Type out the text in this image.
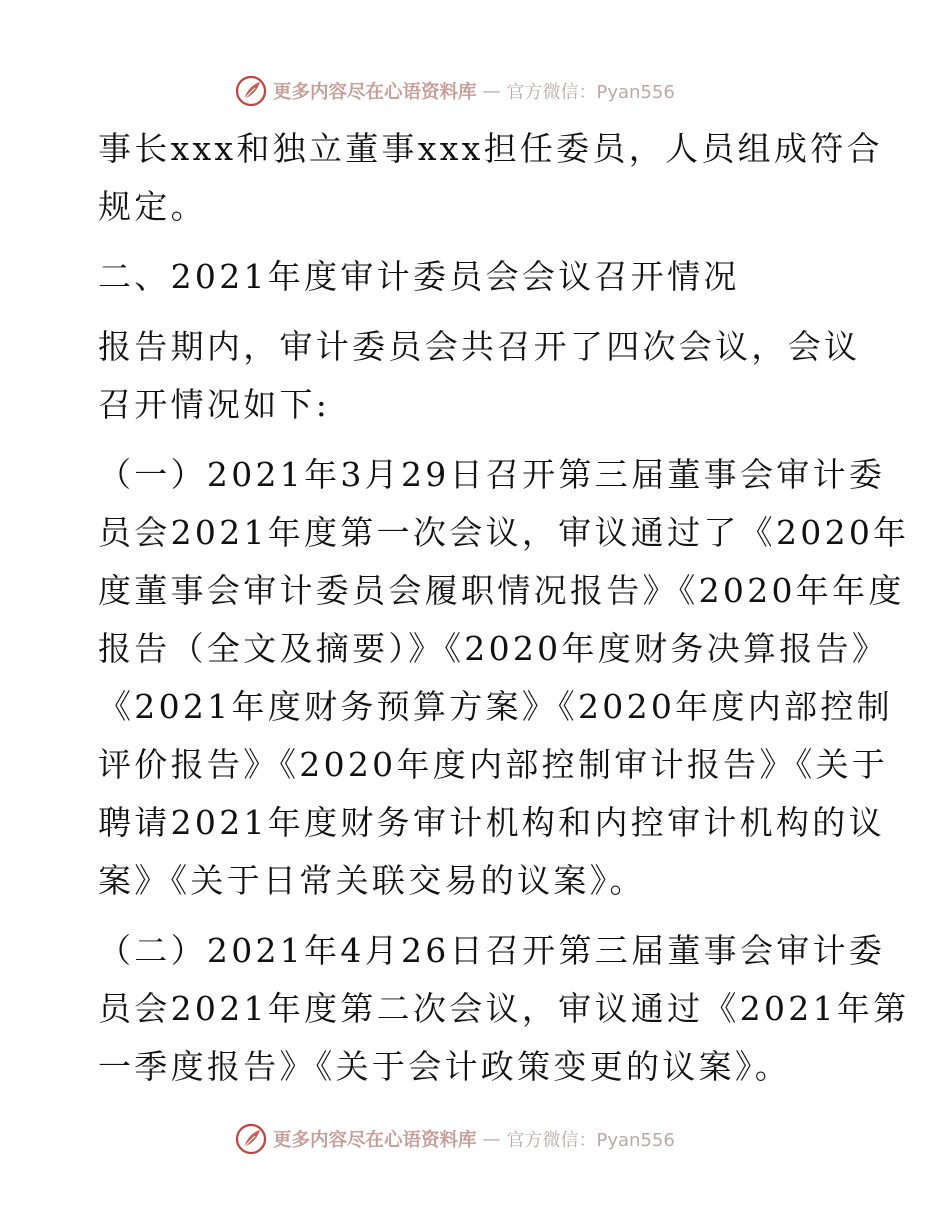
更多内容尽在心语资料库 — 官方微信：Pyan556

事长xxx和独立董事xxx担任委员，人员组成符合
规定。

二、2021年度审计委员会会议召开情况

报告期内，审计委员会共召开了四次会议，会议
召开情况如下:

（一）2021年3月29日召开第三届董事会审计委
员会2021年度第一次会议，审议通过了《2020年
度董事会审计委员会履职情况报告》《2020年年度
报告（全文及摘要）》《2020年度财务决算报告》
《2021年度财务预算方案》《2020年度内部控制
评价报告》《2020年度内部控制审计报告》《关于
聘请2021年度财务审计机构和内控审计机构的议
案》《关于日常关联交易的议案》。

（二）2021年4月26日召开第三届董事会审计委
员会2021年度第二次会议，审议通过《2021年第
一季度报告》《关于会计政策变更的议案》。

更多内容尽在心语资料库 — 官方微信：Pyan556
